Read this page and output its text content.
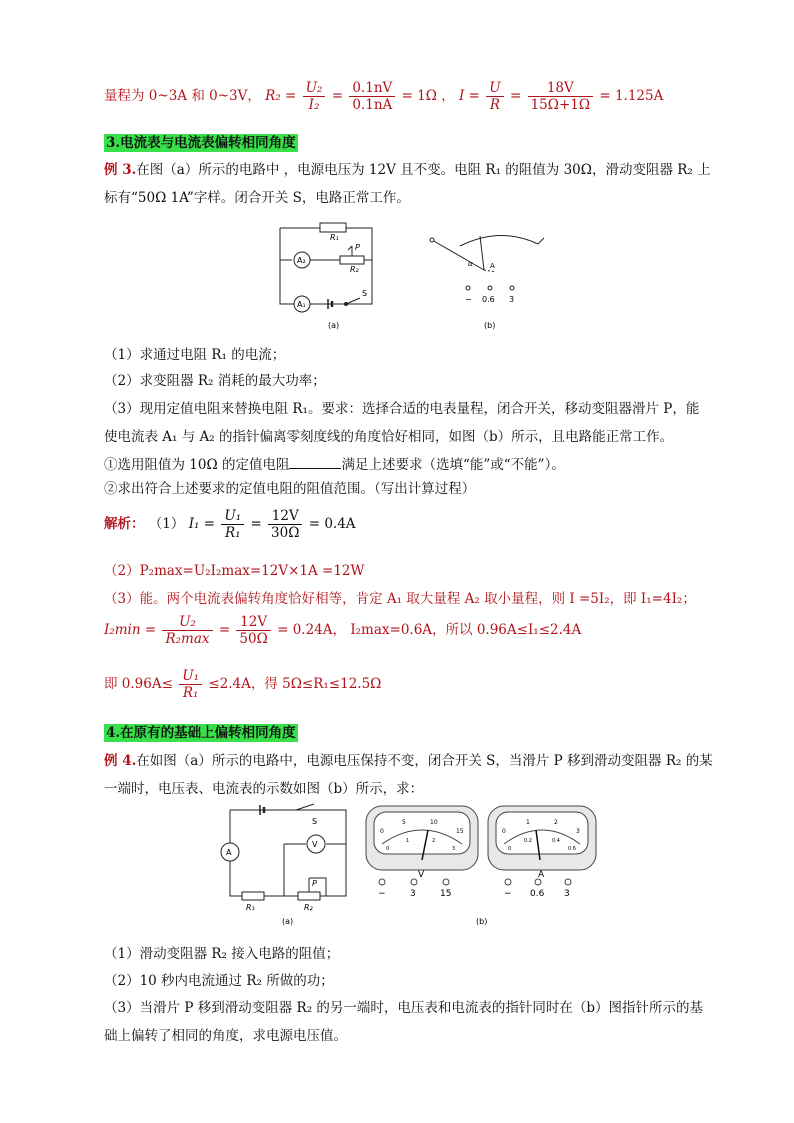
量程为 0~3A 和 0~3V， $R_2 = \frac{\text{U₂}}{\text{I₂}} = \frac{0.1nV}{0.1nA} = 1\Omega$ ， $I = \frac{U}{R} = \frac{18V}{15\Omega+1\Omega} = 1.125A$
3.电流表与电流表偏转相同角度
例 3.在图（a）所示的电路中 ，电源电压为 12V 且不变。电阻 R₁ 的阻值为 30Ω，滑动变阻器 R₂ 上
标有“50Ω 1A”字样。闭合开关 S，电路正常工作。
R₁
R₂
A₂
A₁
P
S
(a)
α A
− 0.6 3
(b)
（1）求通过电阻 R₁ 的电流；
（2）求变阻器 R₂ 消耗的最大功率；
（3）现用定值电阻来替换电阻 R₁。要求：选择合适的电表量程，闭合开关，移动变阻器滑片 P，能
使电流表 A₁ 与 A₂ 的指针偏离零刻度线的角度恰好相同，如图（b）所示，且电路能正常工作。
①选用阻值为 10Ω 的定值电阻	满足上述要求（选填“能”或“不能”）。
②求出符合上述要求的定值电阻的阻值范围。（写出计算过程）
解析： （1） $I_1 = \frac{\text{U₁}}{\text{R₁}} = \frac{12V}{30\Omega} = 0.4A$
（2）P₂max=U₂I₂max=12V×1A =12W
（3）能。两个电流表偏转角度恰好相等，肯定 A₁ 取大量程 A₂ 取小量程，则 I =5I₂，即 I₁=4I₂；
$I_2\min = \frac{\text{U₂}}{\text{R₂max}} = \frac{12V}{50\Omega} = 0.24A$， I₂max=0.6A，所以 0.96A≤I₁≤2.4A
即 $0.96A\le \frac{\text{U₁}}{\text{R₁}} \le 2.4A$，得 5Ω≤R₁≤12.5Ω
4.在原有的基础上偏转相同角度
例 4.在如图（a）所示的电路中，电源电压保持不变，闭合开关 S，当滑片 P 移到滑动变阻器 R₂ 的某
一端时，电压表、电流表的示数如图（b）所示，求：
A
V
S
R₁	R₂
P
(a)
0
5	10
15
0
1	2
3
V
−	3	15
0
1	2
3
0
0.2	0.4
0.6
A
− 0.6 3
(b)
（1）滑动变阻器 R₂ 接入电路的阻值；
（2）10 秒内电流通过 R₂ 所做的功；
（3）当滑片 P 移到滑动变阻器 R₂ 的另一端时，电压表和电流表的指针同时在（b）图指针所示的基
础上偏转了相同的角度，求电源电压值。
